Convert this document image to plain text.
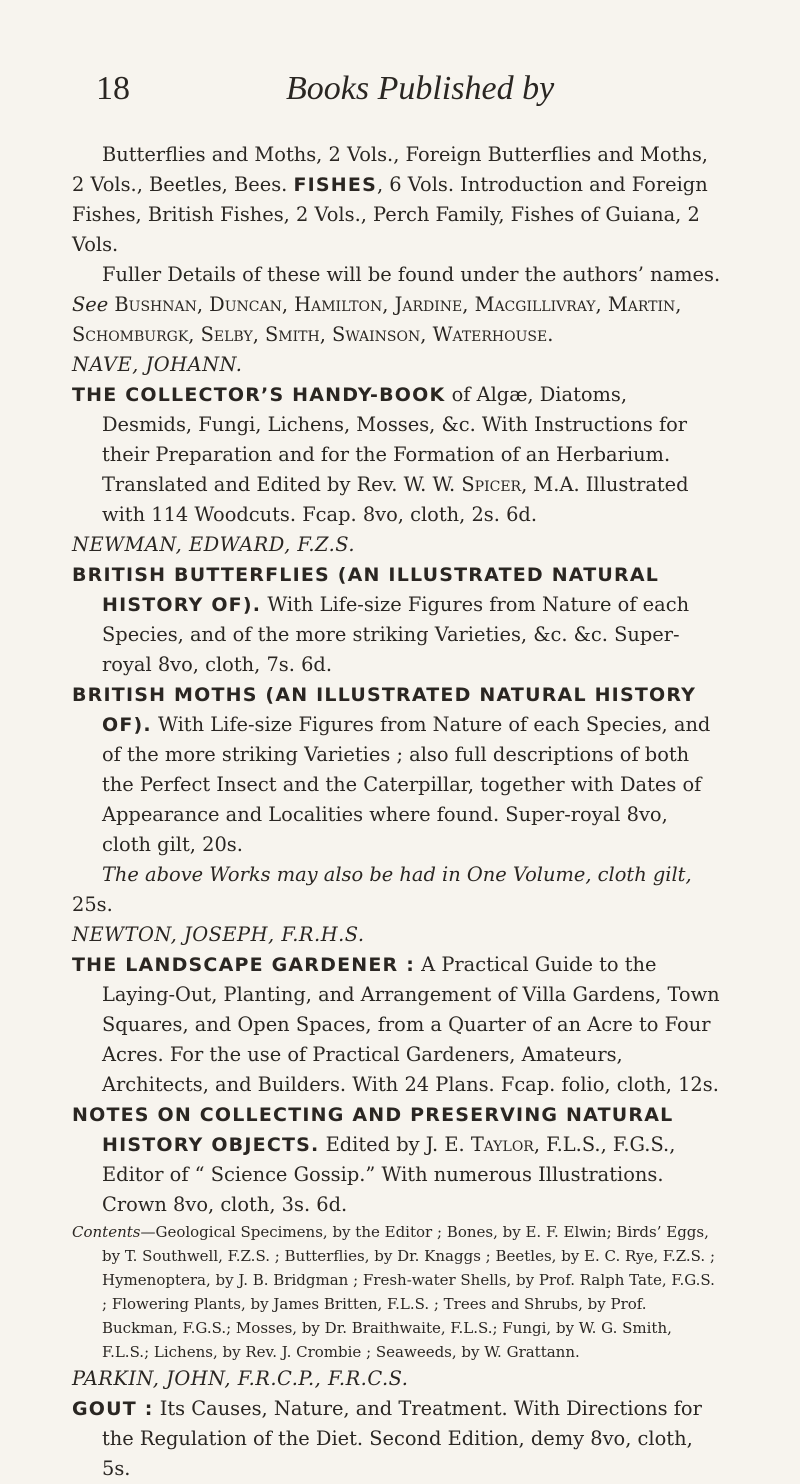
18	Books Published by

Butterflies and Moths, 2 Vols., Foreign Butterflies and Moths, 2 Vols., Beetles, Bees. FISHES, 6 Vols. Introduction and Foreign Fishes, British Fishes, 2 Vols., Perch Family, Fishes of Guiana, 2 Vols.

Fuller Details of these will be found under the authors’ names. See Bushnan, Duncan, Hamilton, Jardine, Macgillivray, Martin, Schomburgk, Selby, Smith, Swainson, Waterhouse.

NAVE, JOHANN.

THE COLLECTOR’S HANDY-BOOK of Algæ, Diatoms, Desmids, Fungi, Lichens, Mosses, &c. With Instructions for their Preparation and for the Formation of an Herbarium. Translated and Edited by Rev. W. W. Spicer, M.A. Illustrated with 114 Woodcuts. Fcap. 8vo, cloth, 2s. 6d.

NEWMAN, EDWARD, F.Z.S.

BRITISH BUTTERFLIES (AN ILLUSTRATED NATURAL HISTORY OF). With Life-size Figures from Nature of each Species, and of the more striking Varieties, &c. &c. Super-royal 8vo, cloth, 7s. 6d.

BRITISH MOTHS (AN ILLUSTRATED NATURAL HISTORY OF). With Life-size Figures from Nature of each Species, and of the more striking Varieties ; also full descriptions of both the Perfect Insect and the Caterpillar, together with Dates of Appearance and Localities where found. Super-royal 8vo, cloth gilt, 20s.

The above Works may also be had in One Volume, cloth gilt, 25s.

NEWTON, JOSEPH, F.R.H.S.

THE LANDSCAPE GARDENER : A Practical Guide to the Laying-Out, Planting, and Arrangement of Villa Gardens, Town Squares, and Open Spaces, from a Quarter of an Acre to Four Acres. For the use of Practical Gardeners, Amateurs, Architects, and Builders. With 24 Plans. Fcap. folio, cloth, 12s.

NOTES ON COLLECTING AND PRESERVING NATURAL HISTORY OBJECTS. Edited by J. E. Taylor, F.L.S., F.G.S., Editor of “ Science Gossip.” With numerous Illustrations. Crown 8vo, cloth, 3s. 6d.

Contents—Geological Specimens, by the Editor ; Bones, by E. F. Elwin; Birds’ Eggs, by T. Southwell, F.Z.S. ; Butterflies, by Dr. Knaggs ; Beetles, by E. C. Rye, F.Z.S. ; Hymenoptera, by J. B. Bridgman ; Fresh-water Shells, by Prof. Ralph Tate, F.G.S. ; Flowering Plants, by James Britten, F.L.S. ; Trees and Shrubs, by Prof. Buckman, F.G.S.; Mosses, by Dr. Braithwaite, F.L.S.; Fungi, by W. G. Smith, F.L.S.; Lichens, by Rev. J. Crombie ; Seaweeds, by W. Grattann.

PARKIN, JOHN, F.R.C.P., F.R.C.S.

GOUT : Its Causes, Nature, and Treatment. With Directions for the Regulation of the Diet. Second Edition, demy 8vo, cloth, 5s.
